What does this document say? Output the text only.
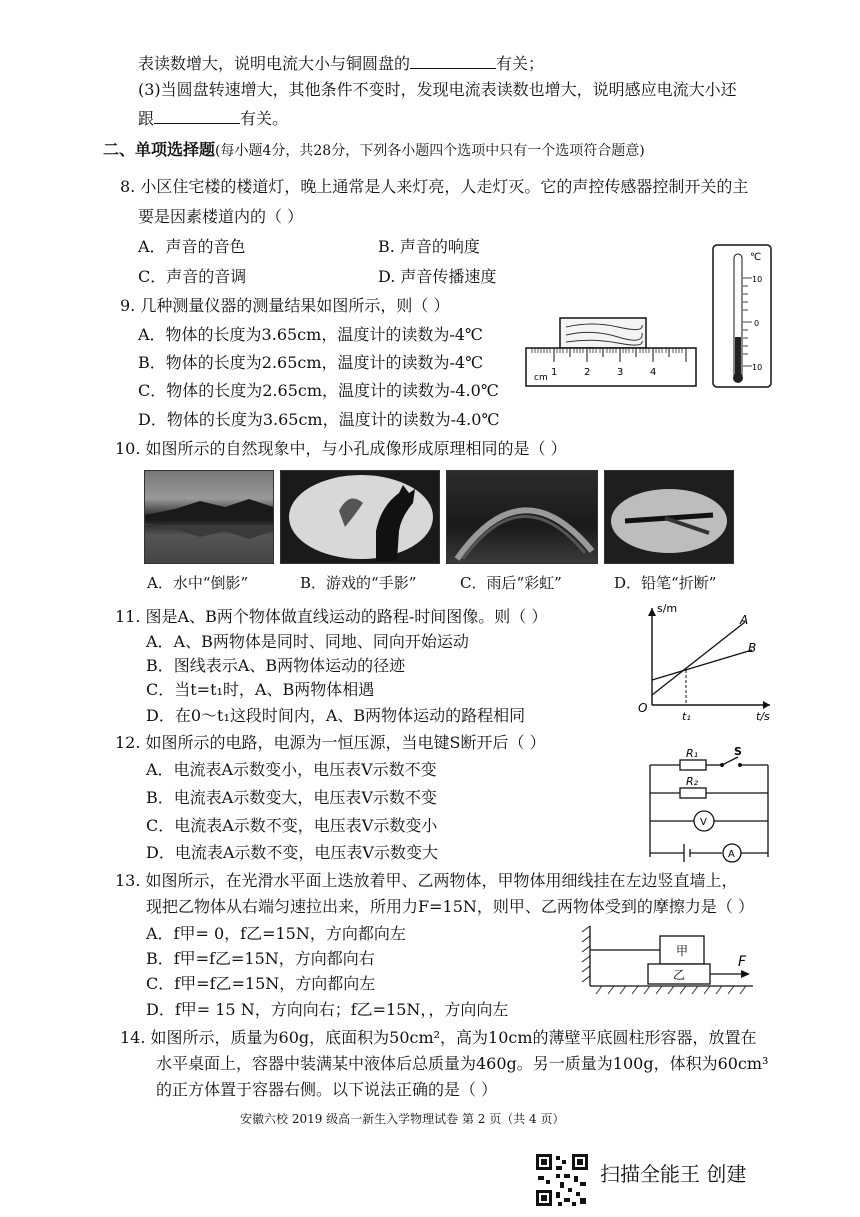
表读数增大，说明电流大小与铜圆盘的	有关；
(3)当圆盘转速增大，其他条件不变时，发现电流表读数也增大，说明感应电流大小还
跟	有关。
二、单项选择题(每小题4分，共28分，下列各小题四个选项中只有一个选项符合题意)
8. 小区住宅楼的楼道灯，晚上通常是人来灯亮，人走灯灭。它的声控传感器控制开关的主
要是因素楼道内的（ ）
A．声音的音色	B. 声音的响度
C．声音的音调	D. 声音传播速度
9. 几种测量仪器的测量结果如图所示，则（ ）
A．物体的长度为3.65cm，温度计的读数为-4℃
B．物体的长度为2.65cm，温度计的读数为-4℃
C．物体的长度为2.65cm，温度计的读数为-4.0℃
D．物体的长度为3.65cm，温度计的读数为-4.0℃
cm 1	2	3	4
℃
10
0
10
10. 如图所示的自然现象中，与小孔成像形成原理相同的是（ ）
A．水中“倒影”	B．游戏的“手影”	C．雨后“彩虹”	D．铅笔“折断”
11. 图是A、B两个物体做直线运动的路程-时间图像。则（ ）
A．A、B两物体是同时、同地、同向开始运动
B．图线表示A、B两物体运动的径迹
C．当t=t₁时，A、B两物体相遇
D．在0～t₁这段时间内，A、B两物体运动的路程相同
s/m
t/s
O
t₁
A
B
12. 如图所示的电路，电源为一恒压源，当电键S断开后（ ）
A．电流表A示数变小，电压表V示数不变
B．电流表A示数变大，电压表V示数不变
C．电流表A示数不变，电压表V示数变小
D．电流表A示数不变，电压表V示数变大
R₁
R₂
S
V
A
13. 如图所示，在光滑水平面上迭放着甲、乙两物体，甲物体用细线挂在左边竖直墙上，
现把乙物体从右端匀速拉出来，所用力F=15N，则甲、乙两物体受到的摩擦力是（ ）
A．f甲= 0，f乙=15N，方向都向左
B．f甲=f乙=15N，方向都向右
C．f甲=f乙=15N，方向都向左
D．f甲= 15 N，方向向右；f乙=15N，，方向向左
甲
乙
F
14. 如图所示，质量为60g，底面积为50cm²，高为10cm的薄壁平底圆柱形容器，放置在
水平桌面上，容器中装满某中液体后总质量为460g。另一质量为100g，体积为60cm³
的正方体置于容器右侧。以下说法正确的是（ ）
安徽六校 2019 级高一新生入学物理试卷 第 2 页（共 4 页）
扫描全能王 创建
